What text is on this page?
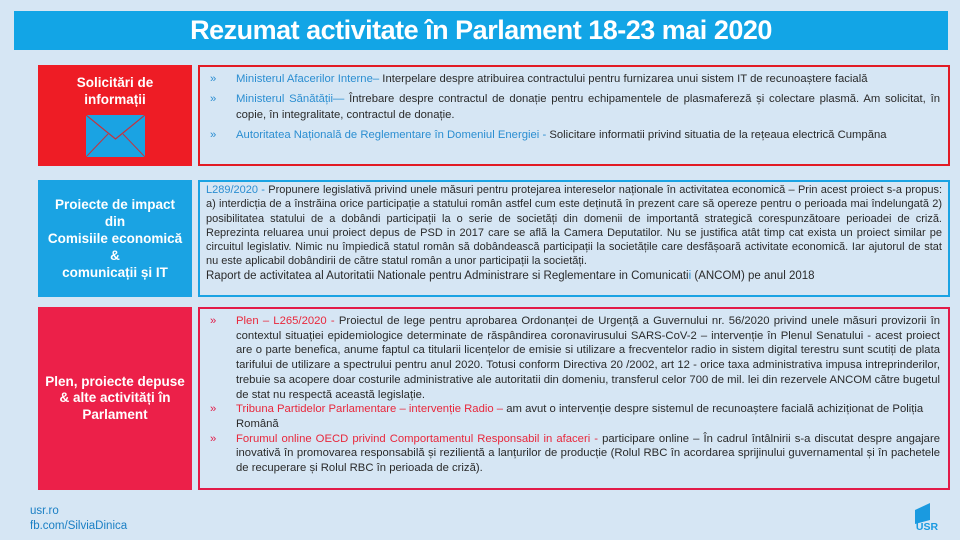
Rezumat activitate în Parlament 18-23 mai 2020
Solicitări de informații
»	Ministerul Afacerilor Interne– Interpelare despre atribuirea contractului pentru furnizarea unui sistem IT de recunoaștere facială
»	Ministerul Sănătății— Întrebare despre contractul de donație pentru echipamentele de plasmafereză și colectare plasmă. Am solicitat, în copie, în integralitate, contractul de donație.
»	Autoritatea Națională de Reglementare în Domeniul Energiei - Solicitare informatii privind situatia de la rețeaua electrică Cumpăna
Proiecte de impact
din
Comisiile economică
&
comunicații și IT
L289/2020 - Propunere legislativă privind unele măsuri pentru protejarea intereselor naționale în activitatea economică – Prin acest proiect s-a propus: a) interdicția de a înstrăina orice participație a statului român astfel cum este deținută în prezent care să opereze pentru o perioada mai îndelungată 2) posibilitatea statului de a dobândi participații la o serie de societăți din domenii de importantă strategică corespunzătoare perioadei de criză. Reprezinta reluarea unui proiect depus de PSD in 2017 care se află la Camera Deputatilor. Nu se justifica atât timp cat exista un proiect similar pe circuitul legislativ. Nimic nu împiedică statul român să dobândească participații la societățile care desfășoară activitate economică. Iar ajutorul de stat nu este aplicabil dobândirii de către statul român a unor participații la societăți.
Raport de activitatea al Autoritatii Nationale pentru Administrare si Reglementare in Comunicatii (ANCOM) pe anul 2018
Plen, proiecte depuse & alte activități în Parlament
»	Plen – L265/2020 - Proiectul de lege pentru aprobarea Ordonanței de Urgență a Guvernului nr. 56/2020 privind unele măsuri provizorii în contextul situației epidemiologice determinate de răspândirea coronavirusului SARS-CoV-2 – intervenție în Plenul Senatului - acest proiect are o parte benefica, anume faptul ca titularii licențelor de emisie si utilizare a frecventelor radio in sistem digital terestru sunt scutiți de plata tarifului de utilizare a spectrului pentru anul 2020. Totusi conform Directiva 20 /2002, art 12 - orice taxa administrativa impusa intreprinderilor, trebuie sa acopere doar costurile administrative ale autoritatii din domeniu, transferul celor 700 de mil. lei din rezervele ANCOM către bugetul de stat nu respectă această legislație.
»	Tribuna Partidelor Parlamentare – intervenție Radio – am avut o intervenție despre sistemul de recunoaștere facială achiziționat de Poliția Română
»	Forumul online OECD privind Comportamentul Responsabil in afaceri - participare online – În cadrul întâlnirii s-a discutat despre angajare inovativă în promovarea responsabilă și rezilientă a lanțurilor de producție (Rolul RBC în acordarea sprijinului guvernamental și în pachetele de recuperare și Rolul RBC în perioada de criză).
usr.ro
fb.com/SilviaDinica	USR
